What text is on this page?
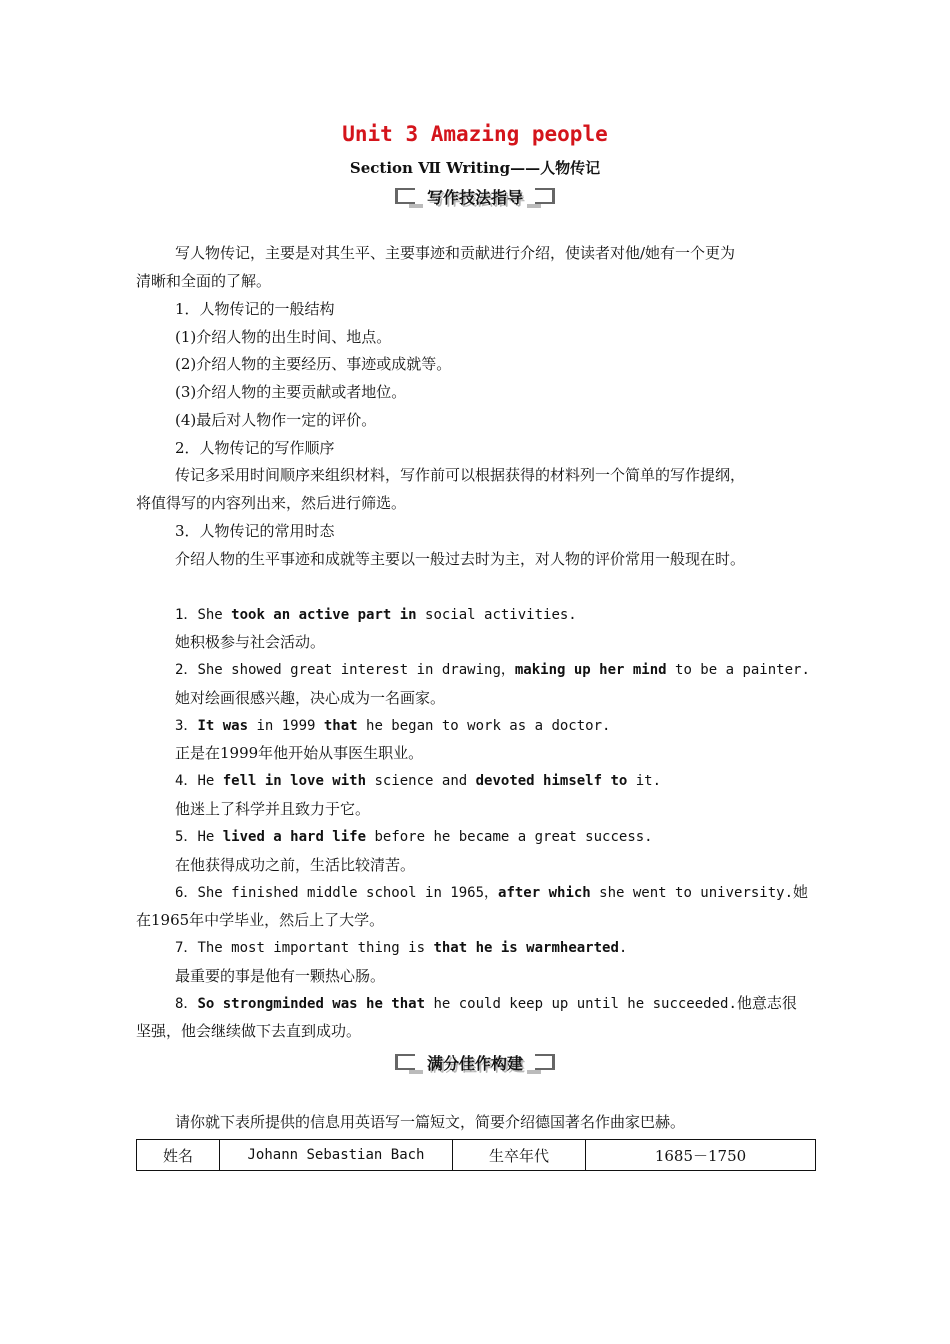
Unit 3 Amazing people
Section Ⅶ Writing——人物传记
写作技法指导
写人物传记，主要是对其生平、主要事迹和贡献进行介绍，使读者对他/她有一个更为
清晰和全面的了解。
1．人物传记的一般结构
(1)介绍人物的出生时间、地点。
(2)介绍人物的主要经历、事迹或成就等。
(3)介绍人物的主要贡献或者地位。
(4)最后对人物作一定的评价。
2．人物传记的写作顺序
传记多采用时间顺序来组织材料，写作前可以根据获得的材料列一个简单的写作提纲，
将值得写的内容列出来，然后进行筛选。
3．人物传记的常用时态
介绍人物的生平事迹和成就等主要以一般过去时为主，对人物的评价常用一般现在时。
1．She took an active part in social activities.
她积极参与社会活动。
2．She showed great interest in drawing，making up her mind to be a painter.
她对绘画很感兴趣，决心成为一名画家。
3．It was in 1999 that he began to work as a doctor.
正是在1999年他开始从事医生职业。
4．He fell in love with science and devoted himself to it.
他迷上了科学并且致力于它。
5．He lived a hard life before he became a great success.
在他获得成功之前，生活比较清苦。
6．She finished middle school in 1965，after which she went to university.她
在1965年中学毕业，然后上了大学。
7．The most important thing is that he is warmhearted.
最重要的事是他有一颗热心肠。
8．So strongminded was he that he could keep up until he succeeded.他意志很
坚强，他会继续做下去直到成功。
满分佳作构建
请你就下表所提供的信息用英语写一篇短文，简要介绍德国著名作曲家巴赫。
姓名	Johann Sebastian Bach	生卒年代	1685－1750
